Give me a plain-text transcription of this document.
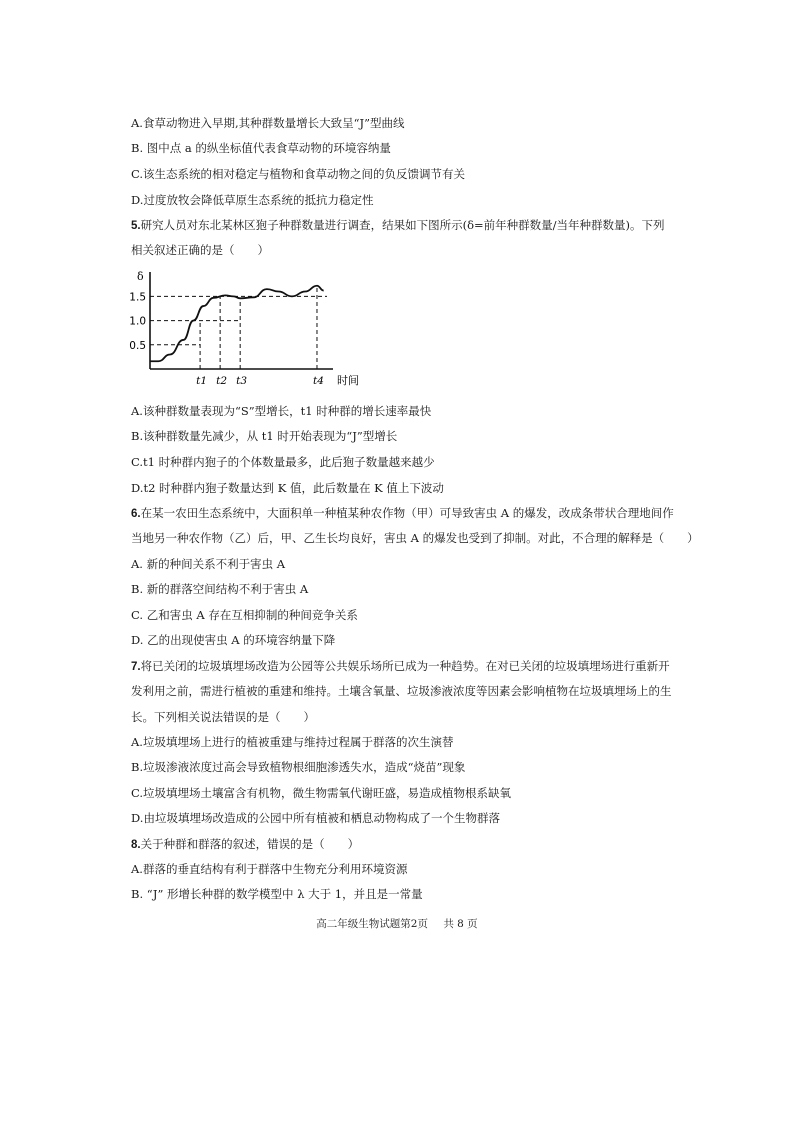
A.食草动物进入早期,其种群数量增长大致呈“J”型曲线
B. 图中点 a 的纵坐标值代表食草动物的环境容纳量
C.该生态系统的相对稳定与植物和食草动物之间的负反馈调节有关
D.过度放牧会降低草原生态系统的抵抗力稳定性
5.研究人员对东北某林区狍子种群数量进行调查，结果如下图所示(δ=前年种群数量/当年种群数量)。下列
相关叙述正确的是（　　）
δ
时间
0.5
1.0
1.5
t1 t2 t3	t4
A.该种群数量表现为“S”型增长，t1 时种群的增长速率最快
B.该种群数量先减少，从 t1 时开始表现为“J”型增长
C.t1 时种群内狍子的个体数量最多，此后狍子数量越来越少
D.t2 时种群内狍子数量达到 K 值，此后数量在 K 值上下波动
6.在某一农田生态系统中，大面积单一种植某种农作物（甲）可导致害虫 A 的爆发，改成条带状合理地间作
当地另一种农作物（乙）后，甲、乙生长均良好，害虫 A 的爆发也受到了抑制。对此，不合理的解释是（　　）
A. 新的种间关系不利于害虫 A
B. 新的群落空间结构不利于害虫 A
C. 乙和害虫 A 存在互相抑制的种间竞争关系
D. 乙的出现使害虫 A 的环境容纳量下降
7.将已关闭的垃圾填埋场改造为公园等公共娱乐场所已成为一种趋势。在对已关闭的垃圾填埋场进行重新开
发利用之前，需进行植被的重建和维持。土壤含氧量、垃圾渗液浓度等因素会影响植物在垃圾填埋场上的生
长。下列相关说法错误的是（　　）
A.垃圾填埋场上进行的植被重建与维持过程属于群落的次生演替
B.垃圾渗液浓度过高会导致植物根细胞渗透失水，造成“烧苗”现象
C.垃圾填埋场土壤富含有机物，微生物需氧代谢旺盛，易造成植物根系缺氧
D.由垃圾填埋场改造成的公园中所有植被和栖息动物构成了一个生物群落
8.关于种群和群落的叙述，错误的是（　　）
A.群落的垂直结构有利于群落中生物充分利用环境资源
B. “J” 形增长种群的数学模型中 λ 大于 1，并且是一常量
高二年级生物试题第2页 共 8 页
